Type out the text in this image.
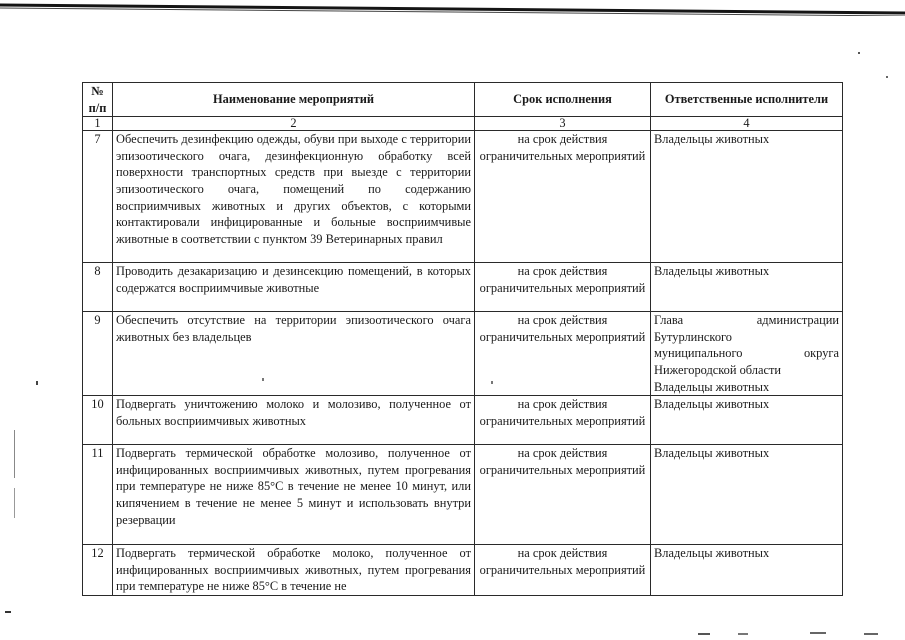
№ п/п	Наименование мероприятий	Срок исполнения	Ответственные исполнители
1	2	3	4
7	Обеспечить дезинфекцию одежды, обуви при выходе с территории эпизоотического очага, дезинфекционную обработку всей поверхности транспортных средств при выезде с территории эпизоотического очага, помещений по содержанию восприимчивых животных и других объектов, с которыми контактировали инфицированные и больные восприимчивые животные в соответствии с пунктом 39 Ветеринарных правил	на срок действия ограничительных мероприятий	Владельцы животных
8	Проводить дезакаризацию и дезинсекцию помещений, в которых содержатся восприимчивые животные	на срок действия ограничительных мероприятий	Владельцы животных
9	Обеспечить отсутствие на территории эпизоотического очага животных без владельцев	на срок действия ограничительных мероприятий	Глава администрации
Бутурлинского
муниципального округа
Нижегородской области
Владельцы животных

10	Подвергать уничтожению молоко и молозиво, полученное от больных восприимчивых животных	на срок действия ограничительных мероприятий	Владельцы животных
11	Подвергать термической обработке молозиво, полученное от инфицированных восприимчивых животных, путем прогревания при температуре не ниже 85°С в течение не менее 10 минут, или кипячением в течение не менее 5 минут и использовать внутри резервации	на срок действия ограничительных мероприятий	Владельцы животных
12	Подвергать термической обработке молоко, полученное от инфицированных восприимчивых животных, путем прогревания при температуре не ниже 85°С в течение не	на срок действия ограничительных мероприятий	Владельцы животных
